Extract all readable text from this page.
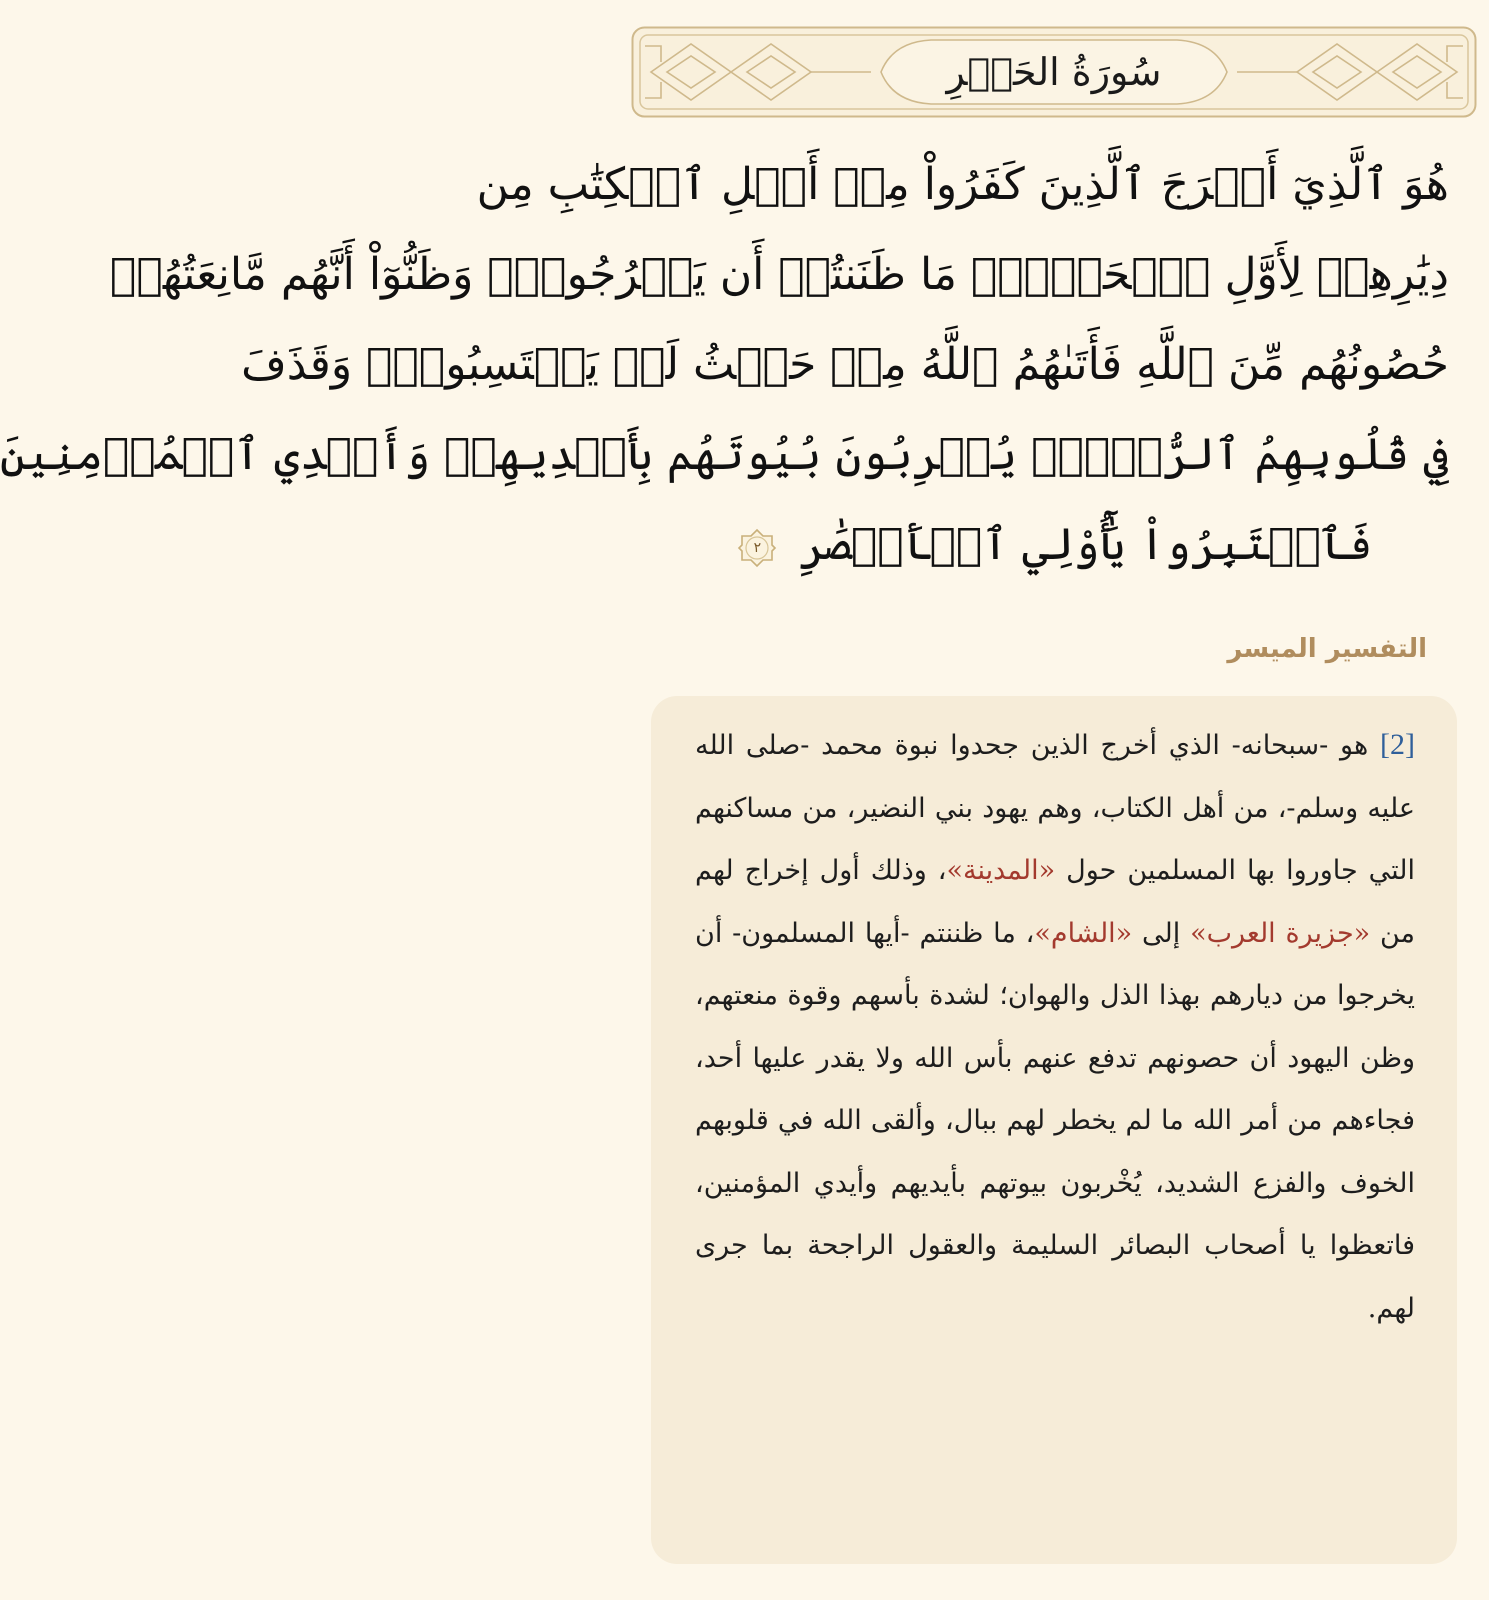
سُورَةُ الحَشۡرِ
هُوَ ٱلَّذِيٓ أَخۡرَجَ ٱلَّذِينَ كَفَرُواْ مِنۡ أَهۡلِ ٱلۡكِتَٰبِ مِن
دِيَٰرِهِمۡ لِأَوَّلِ ٱلۡحَشۡرِۚ مَا ظَنَنتُمۡ أَن يَخۡرُجُواْۖ وَظَنُّوٓاْ أَنَّهُم مَّانِعَتُهُمۡ
حُصُونُهُم مِّنَ ٱللَّهِ فَأَتَىٰهُمُ ٱللَّهُ مِنۡ حَيۡثُ لَمۡ يَحۡتَسِبُواْۖ وَقَذَفَ
فِي قُلُوبِهِمُ ٱلرُّعۡبَۚ يُخۡرِبُونَ بُيُوتَهُم بِأَيۡدِيهِمۡ وَأَيۡدِي ٱلۡمُؤۡمِنِينَ
فَٱعۡتَبِرُواْ يَٰٓأُوْلِي ٱلۡأَبۡصَٰرِ
٢
التفسير الميسر
[2] هو -سبحانه- الذي أخرج الذين جحدوا نبوة محمد -صلى الله عليه وسلم-، من أهل الكتاب، وهم يهود بني النضير، من مساكنهم التي جاوروا بها المسلمين حول «المدينة»، وذلك أول إخراج لهم من «جزيرة العرب» إلى «الشام»، ما ظننتم -أيها المسلمون- أن يخرجوا من ديارهم بهذا الذل والهوان؛ لشدة بأسهم وقوة منعتهم، وظن اليهود أن حصونهم تدفع عنهم بأس الله ولا يقدر عليها أحد، فجاءهم من أمر الله ما لم يخطر لهم ببال، وألقى الله في قلوبهم الخوف والفزع الشديد، يُخْربون بيوتهم بأيديهم وأيدي المؤمنين، فاتعظوا يا أصحاب البصائر السليمة والعقول الراجحة بما جرى لهم.
